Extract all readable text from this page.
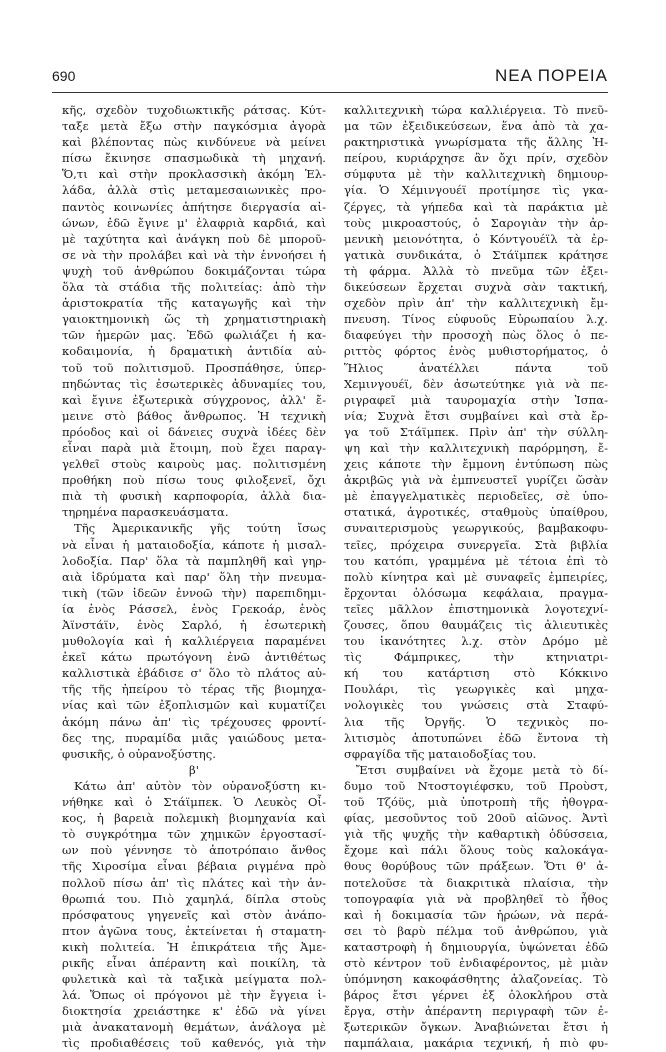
690	ΝΕΑ ΠΟΡΕΙΑ
κῆς, σχεδὸν τυχοδιωκτικῆς ράτσας. Κύτ-
ταξε μετὰ ἔξω στὴν παγκόσμια ἀγορὰ
καὶ βλέποντας πὼς κινδύνευε νὰ μείνει
πίσω ἔκινησε σπασμωδικὰ τὴ μηχανή.
Ὅ,τι καὶ στὴν προκλασσικὴ ἀκόμη Ἑλ-
λάδα, ἀλλὰ στὶς μεταμεσαιωνικὲς προ-
παντὸς κοινωνίες ἀπήτησε διεργασία αἰ-
ώνων, ἐδῶ ἔγινε μ' ἐλαφριὰ καρδιά, καὶ
μὲ ταχύτητα καὶ ἀνάγκη ποὺ δὲ μποροῦ-
σε νὰ τὴν προλάβει καὶ νὰ τὴν ἐννοήσει ἡ
ψυχὴ τοῦ ἀνθρώπου δοκιμάζονται τώρα
ὅλα τὰ στάδια τῆς πολιτείας: ἀπὸ τὴν
ἀριστοκρατία τῆς καταγωγῆς καὶ τὴν
γαιοκτημονικὴ ὥς τὴ χρηματιστηριακὴ
τῶν ἡμερῶν μας. Ἐδῶ φωλιάζει ἡ κα-
κοδαιμονία, ἡ δραματικὴ ἀντιδία αὐ-
τοῦ τοῦ πολιτισμοῦ. Προσπάθησε, ὑπερ-
πηδώντας τὶς ἐσωτερικὲς ἀδυναμίες του,
καὶ ἔγινε ἐξωτερικὰ σύγχρονος, ἀλλ' ἔ-
μεινε στὸ βάθος ἄνθρωπος. Ἡ τεχνικὴ
πρόοδος καὶ οἱ δάνειες συχνὰ ἰδέες δὲν
εἶναι παρὰ μιὰ ἔτοιμη, ποὺ ἔχει παραγ-
γελθεῖ στοὺς καιροὺς μας. πολιτισμένη
προθήκη ποὺ πίσω τους φιλοξενεῖ, ὄχι
πιὰ τὴ φυσικὴ καρποφορία, ἀλλὰ δια-
τηρημένα παρασκευάσματα.
Τῆς Ἀμερικανικῆς γῆς τούτη ἴσως
νὰ εἶναι ἡ ματαιοδοξία, κάποτε ἡ μισαλ-
λοδοξία. Παρ' ὅλα τὰ παμπληθῆ καὶ γηρ-
αιὰ ἰδρύματα καὶ παρ' ὅλη τὴν πνευμα-
τικὴ (τῶν ἰδεῶν ἐννοῶ τὴν) παρεπιδημι-
ία ἑνὸς Ράσσελ, ἑνὸς Γρεκοάρ, ἑνὸς
Ἀϊνστάϊν, ἑνὸς Σαρλό, ἡ ἐσωτερικὴ
μυθολογία καὶ ἡ καλλιέργεια παραμένει
ἐκεῖ κάτω πρωτόγονη ἐνῶ ἀντιθέτως
καλλιστικὰ ἐβάδισε σ' ὅλο τὸ πλάτος αὐ-
τῆς τῆς ἠπείρου τὸ τέρας τῆς βιομηχα-
νίας καὶ τῶν ἐξοπλισμῶν καὶ κυματίζει
ἀκόμη πάνω ἀπ' τὶς τρέχουσες φροντί-
δες της, πυραμίδα μιᾶς γαιώδους μετα-
φυσικῆς, ὁ οὐρανοξύστης.
β'
Κάτω ἀπ' αὐτὸν τὸν οὐρανοξύστη κι-
νήθηκε καὶ ὁ Στάϊμπεκ. Ὁ Λευκὸς Οἶ-
κος, ἡ βαρειὰ πολεμικὴ βιομηχανία καὶ
τὸ συγκρότημα τῶν χημικῶν ἐργοστασί-
ων ποὺ γέννησε τὸ ἀποτρόπαιο ἄνθος
τῆς Χιροσίμα εἶναι βέβαια ριγμένα πρὸ
πολλοῦ πίσω ἀπ' τὶς πλάτες καὶ τὴν ἀν-
θρωπιά του. Πιὸ χαμηλά, δίπλα στοὺς
πρόσφατους γηγενεῖς καὶ στὸν ἀνάπο-
πτον ἀγῶνα τους, ἐκτείνεται ἡ σταματη-
κικὴ πολιτεία. Ἡ ἐπικράτεια τῆς Ἀμε-
ρικῆς εἶναι ἀπέραντη καὶ ποικίλη, τὰ
φυλετικὰ καὶ τὰ ταξικὰ μείγματα πολ-
λά. Ὅπως οἱ πρόγονοι μὲ τὴν ἔγγεια ἰ-
διοκτησία χρειάστηκε κ' ἐδῶ νὰ γίνει
μιὰ ἀνακατανομὴ θεμάτων, ἀνάλογα μὲ
τὶς προδιαθέσεις τοῦ καθενός, γιὰ τὴν
καλλιτεχνικὴ τώρα καλλιέργεια. Τὸ πνεῦ-
μα τῶν ἐξειδικεύσεων, ἕνα ἀπὸ τὰ χα-
ρακτηριστικὰ γνωρίσματα τῆς ἄλλης Ἠ-
πείρου, κυριάρχησε ἂν ὄχι πρίν, σχεδὸν
σύμφυτα μὲ τὴν καλλιτεχνικὴ δημιουρ-
γία. Ὁ Χέμινγουέϊ προτίμησε τὶς γκα-
ζέργες, τὰ γήπεδα καὶ τὰ παράκτια μὲ
τοὺς μικροαστούς, ὁ Σαρογιὰν τὴν ἀρ-
μενικὴ μειονότητα, ὁ Κόντγουέϊλ τὰ ἐρ-
γατικὰ συνδικάτα, ὁ Στάϊμπεκ κράτησε
τὴ φάρμα. Ἀλλὰ τὸ πνεῦμα τῶν ἐξει-
δικεύσεων ἔρχεται συχνὰ σὰν τακτική,
σχεδὸν πρὶν ἀπ' τὴν καλλιτεχνικὴ ἔμ-
πνευση. Τίνος εὐφυοῦς Εὐρωπαίου λ.χ.
διαφεύγει τὴν προσοχὴ πὼς ὅλος ὁ πε-
ριττὸς φόρτος ἑνὸς μυθιστορήματος, ὁ
Ἥλιος ἀνατέλλει πάντα τοῦ
Χεμινγουέϊ, δὲν ἀσωτεύτηκε γιὰ νὰ πε-
ριγραφεῖ μιὰ ταυρομαχία στὴν Ἱσπα-
νία; Συχνὰ ἔτσι συμβαίνει καὶ στὰ ἔρ-
γα τοῦ Στάϊμπεκ. Πρὶν ἀπ' τὴν σύλλη-
ψη καὶ τὴν καλλιτεχνικὴ παρόρμηση, ἔ-
χεις κάποτε τὴν ἔμμονη ἐντύπωση πὼς
ἀκριβῶς γιὰ νὰ ἐμπνευστεῖ γυρίζει ὥσὰν
μὲ ἐπαγγελματικὲς περιοδεῖες, σὲ ὑπο-
στατικά, ἀγροτικές, σταθμοὺς ὑπαίθρου,
συναιτερισμοὺς γεωργικούς, βαμβακοφυ-
τεῖες, πρόχειρα συνεργεῖα. Στὰ βιβλία
του κατόπι, γραμμένα μὲ τέτοια ἐπὶ τὸ
πολὺ κίνητρα καὶ μὲ συναφεῖς ἐμπειρίες,
ἔρχονται ὁλόσωμα κεφάλαια, πραγμα-
τεῖες μᾶλλον ἐπιστημονικὰ λογοτεχνί-
ζουσες, ὅπου θαυμάζεις τὶς ἀλιευτικὲς
του ἱκανότητες λ.χ. στὸν Δρόμο μὲ
τὶς Φάμπρικες, τὴν κτηνιατρι-
κή του κατάρτιση στὸ Κόκκινο
Πουλάρι, τὶς γεωργικὲς καὶ μηχα-
νολογικὲς του γνώσεις στὰ Σταφύ-
λια τῆς Ὀργῆς. Ὁ τεχνικὸς πο-
λιτισμὸς ἀποτυπώνει ἐδῶ ἔντονα τὴ
σφραγίδα τῆς ματαιοδοξίας του.
Ἔτσι συμβαίνει νὰ ἔχομε μετὰ τὸ δί-
δυμο τοῦ Ντοστογιέφσκυ, τοῦ Προὺστ,
τοῦ Τζόϋς, μιὰ ὑποτροπὴ τῆς ἠθογρα-
φίας, μεσοῦντος τοῦ 20οῦ αἰῶνος. Ἀντὶ
γιὰ τῆς ψυχῆς τὴν καθαρτικὴ ὁδύσσεια,
ἔχομε καὶ πάλι ὅλους τοὺς καλοκάγα-
θους θορύβους τῶν πράξεων. Ὅτι θ' ἀ-
ποτελοῦσε τὰ διακριτικὰ πλαίσια, τὴν
τοπογραφία γιὰ νὰ προβληθεῖ τὸ ἦθος
καὶ ἡ δοκιμασία τῶν ἡρώων, νὰ περά-
σει τὸ βαρὺ πέλμα τοῦ ἀνθρώπου, γιὰ
καταστροφὴ ἡ δημιουργία, ὑψώνεται ἐδῶ
στὸ κέντρον τοῦ ἐνδιαφέροντος, μὲ μιὰν
ὑπόμνηση κακοφάσθητης ἀλαζονείας. Τὸ
βάρος ἔτσι γέρνει ἐξ ὁλοκλήρου στὰ
ἔργα, στὴν ἀπέραντη περιγραφὴ τῶν ἐ-
ξωτερικῶν ὄγκων. Ἀναβιώνεται ἔτσι ἡ
παμπάλαια, μακάρια τεχνική, ἡ πιὸ φυ-
